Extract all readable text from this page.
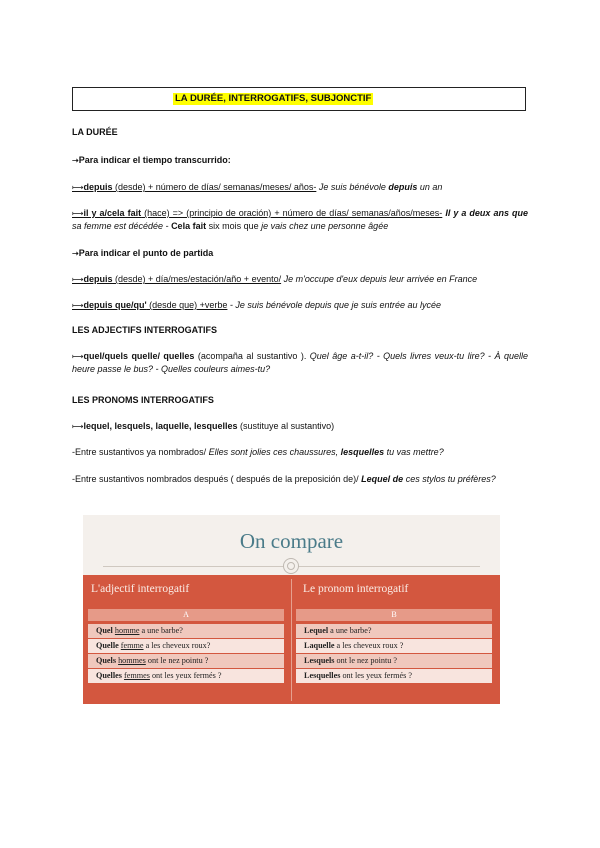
LA DURÉE, INTERROGATIFS, SUBJONCTIF
LA DURÉE
➝Para indicar el tiempo transcurrido:
⟼depuis (desde) + número de días/ semanas/meses/ años- Je suis bénévole depuis un an
⟼il y a/cela fait (hace) => (principio de oración) + número de días/ semanas/años/meses- Il y a deux ans que sa femme est décédée - Cela fait six mois que je vais chez une personne âgée
➝Para indicar el punto de partida
⟼depuis (desde) + día/mes/estación/año + evento/ Je m'occupe d'eux depuis leur arrivée en France
⟼depuis que/qu' (desde que) +verbe - Je suis bénévole depuis que je suis entrée au lycée
LES ADJECTIFS INTERROGATIFS
⟼quel/quels quelle/ quelles (acompaña al sustantivo ). Quel âge a-t-il? - Quels livres veux-tu lire? - À quelle heure passe le bus? - Quelles couleurs aimes-tu?
LES PRONOMS INTERROGATIFS
⟼lequel, lesquels, laquelle, lesquelles (sustituye al sustantivo)
-Entre sustantivos ya nombrados/ Elles sont jolies ces chaussures, lesquelles tu vas mettre?
-Entre sustantivos nombrados después ( después de la preposición de)/ Lequel de ces stylos tu préfères?
On compare
L'adjectif interrogatif	Le pronom interrogatif
A	B
Quel homme a une barbe?
Quelle femme a les cheveux roux?
Quels hommes ont le nez pointu ?
Quelles femmes ont les yeux fermés ?
Lequel a une barbe?
Laquelle a les cheveux roux ?
Lesquels ont le nez pointu ?
Lesquelles ont les yeux fermés ?
